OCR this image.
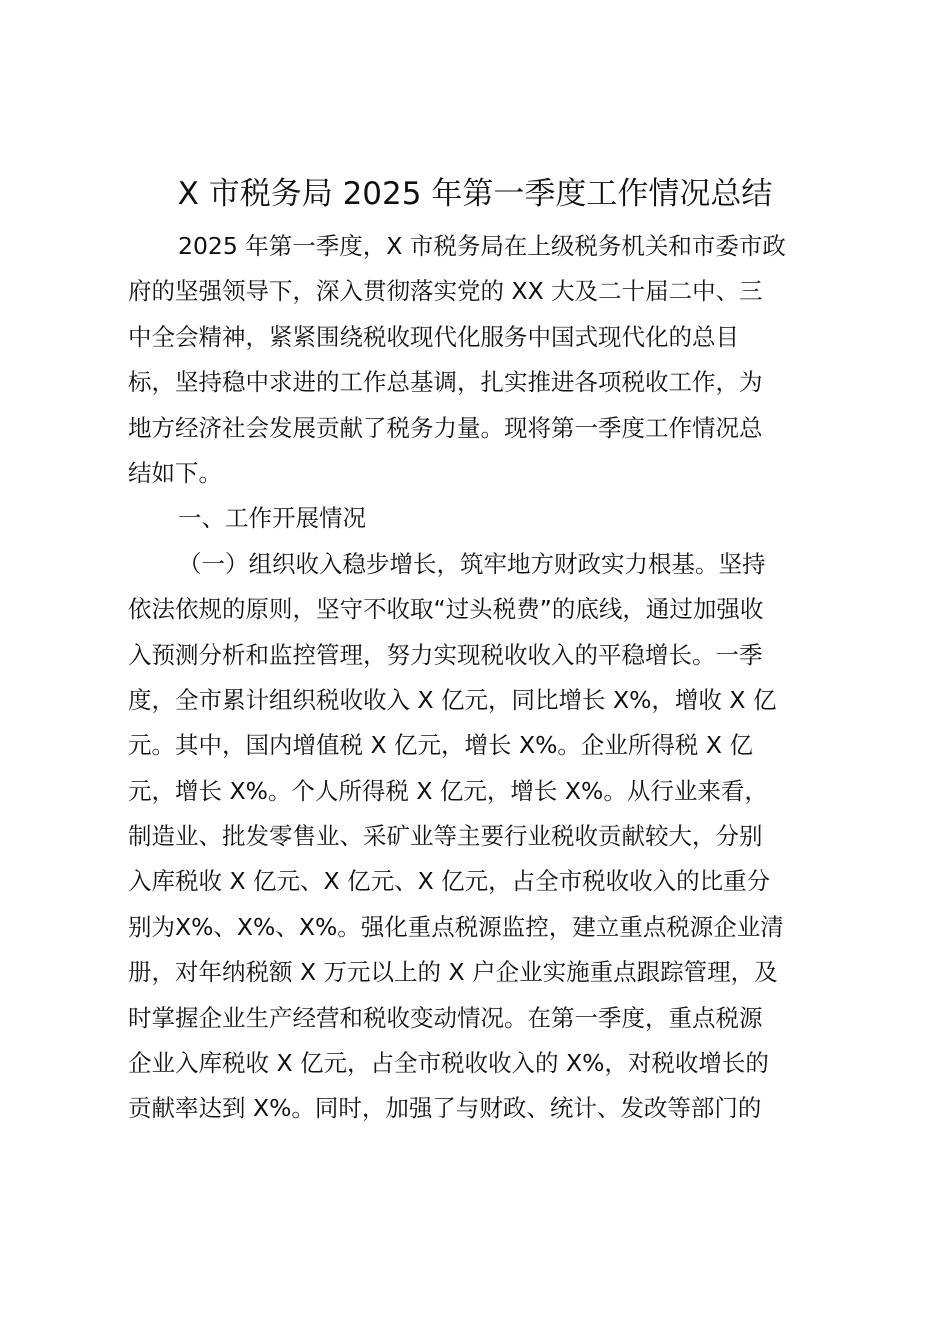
X 市税务局 2025 年第一季度工作情况总结
2025 年第一季度，X 市税务局在上级税务机关和市委市政
府的坚强领导下，深入贯彻落实党的 XX 大及二十届二中、三
中全会精神，紧紧围绕税收现代化服务中国式现代化的总目
标，坚持稳中求进的工作总基调，扎实推进各项税收工作，为
地方经济社会发展贡献了税务力量。现将第一季度工作情况总
结如下。
一、工作开展情况
（一）组织收入稳步增长，筑牢地方财政实力根基。坚持
依法依规的原则，坚守不收取“过头税费”的底线，通过加强收
入预测分析和监控管理，努力实现税收收入的平稳增长。一季
度，全市累计组织税收收入 X 亿元，同比增长 X%，增收 X 亿
元。其中，国内增值税 X 亿元，增长 X%。企业所得税 X 亿
元，增长 X%。个人所得税 X 亿元，增长 X%。从行业来看，
制造业、批发零售业、采矿业等主要行业税收贡献较大，分别
入库税收 X 亿元、X 亿元、X 亿元，占全市税收收入的比重分
别为X%、X%、X%。强化重点税源监控，建立重点税源企业清
册，对年纳税额 X 万元以上的 X 户企业实施重点跟踪管理，及
时掌握企业生产经营和税收变动情况。在第一季度，重点税源
企业入库税收 X 亿元，占全市税收收入的 X%，对税收增长的
贡献率达到 X%。同时，加强了与财政、统计、发改等部门的
